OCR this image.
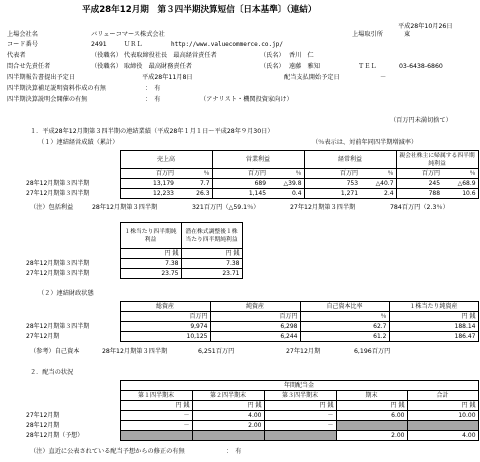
平成28年12月期　第３四半期決算短信〔日本基準〕（連結）
平成28年10月26日
上場会社名	バリューコマース株式会社	上場取引所	東
コード番号	2491	ＵＲＬ	http://www.valuecommerce.co.jp/
代表者	（役職名） 代表取締役社長　最高経営責任者	（氏名） 香川　仁
問合せ先責任者	（役職名） 取締役　最高財務責任者	（氏名） 遠藤　雅知	ＴＥＬ	03-6438-6860
四半期報告書提出予定日	平成28年11月8日	配当支払開始予定日	－
四半期決算補足説明資料作成の有無	：　有
四半期決算説明会開催の有無	：　有	（アナリスト・機関投資家向け）
（百万円未満切捨て）
１．平成28年12月期第３四半期の連結業績（平成28年１月１日～平成28年９月30日）
（１）連結経営成績（累計）	（％表示は、対前年同四半期増減率）
	売上高		営業利益		経常利益		親会社株主に帰属する四半期純利益	
	百万円	％	百万円	％	百万円	％	百万円	％
28年12月期第３四半期	13,179	7.7	689	△39.8	753	△40.7	245	△68.9
27年12月期第３四半期	12,233	26.3	1,145	0.4	1,271	2.4	788	10.6
（注）包括利益	28年12月期第３四半期	321百万円（△59.1％）	27年12月期第３四半期	784百万円（2.3％）
	１株当たり四半期純利益	潜在株式調整後１株当たり四半期純利益
	円 銭	円 銭
28年12月期第３四半期	7.38	7.38
27年12月期第３四半期	23.75	23.71
（２）連結財政状態
	総資産	純資産	自己資本比率	１株当たり純資産
	百万円	百万円	％	円 銭
28年12月期第３四半期	9,974	6,298	62.7	188.14
27年12月期	10,125	6,244	61.2	186.47
（参考）自己資本	28年12月期第３四半期	6,251百万円	27年12月期	6,196百万円
２．配当の状況
	年間配当金				
	第１四半期末	第２四半期末	第３四半期末	期末	合計
	円 銭	円 銭	円 銭	円 銭	円 銭
27年12月期	－	4.00	－	6.00	10.00
28年12月期	－	2.00	－		
28年12月期（予想）				2.00	4.00
（注）直近に公表されている配当予想からの修正の有無	：　有
